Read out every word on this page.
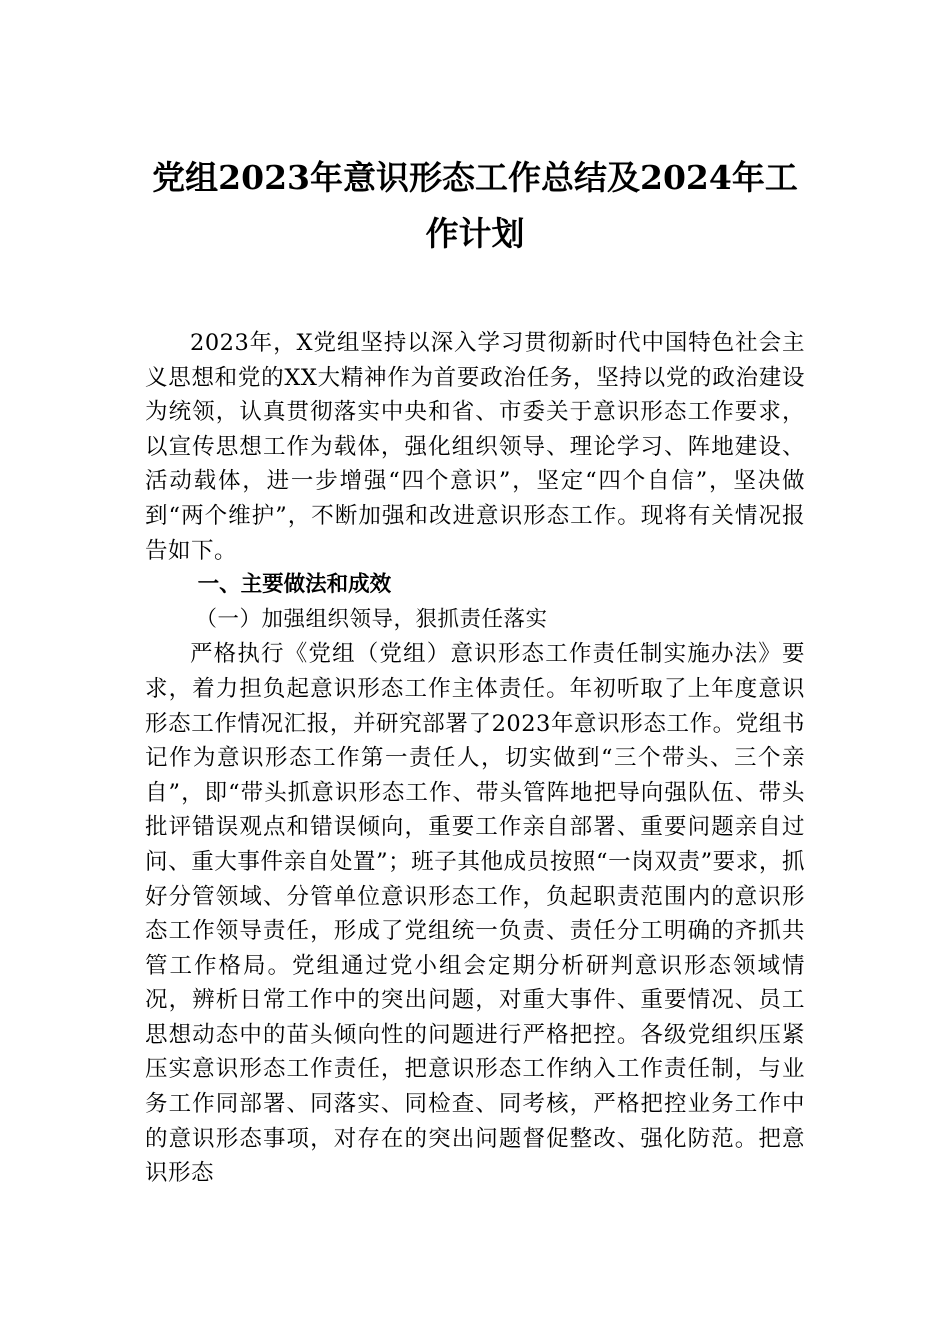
党组2023年意识形态工作总结及2024年工
作计划

2023年，X党组坚持以深入学习贯彻新时代中国特色社会主义思想和党的XX大精神作为首要政治任务，坚持以党的政治建设为统领，认真贯彻落实中央和省、市委关于意识形态工作要求，以宣传思想工作为载体，强化组织领导、理论学习、阵地建设、活动载体，进一步增强“四个意识”，坚定“四个自信”，坚决做到“两个维护”，不断加强和改进意识形态工作。现将有关情况报告如下。

一、主要做法和成效

（一）加强组织领导，狠抓责任落实

严格执行《党组（党组）意识形态工作责任制实施办法》要求，着力担负起意识形态工作主体责任。年初听取了上年度意识形态工作情况汇报，并研究部署了2023年意识形态工作。党组书记作为意识形态工作第一责任人，切实做到“三个带头、三个亲自”，即“带头抓意识形态工作、带头管阵地把导向强队伍、带头批评错误观点和错误倾向，重要工作亲自部署、重要问题亲自过问、重大事件亲自处置”；班子其他成员按照“一岗双责”要求，抓好分管领域、分管单位意识形态工作，负起职责范围内的意识形态工作领导责任，形成了党组统一负责、责任分工明确的齐抓共管工作格局。党组通过党小组会定期分析研判意识形态领域情况，辨析日常工作中的突出问题，对重大事件、重要情况、员工思想动态中的苗头倾向性的问题进行严格把控。各级党组织压紧压实意识形态工作责任，把意识形态工作纳入工作责任制，与业务工作同部署、同落实、同检查、同考核，严格把控业务工作中的意识形态事项，对存在的突出问题督促整改、强化防范。把意识形态
